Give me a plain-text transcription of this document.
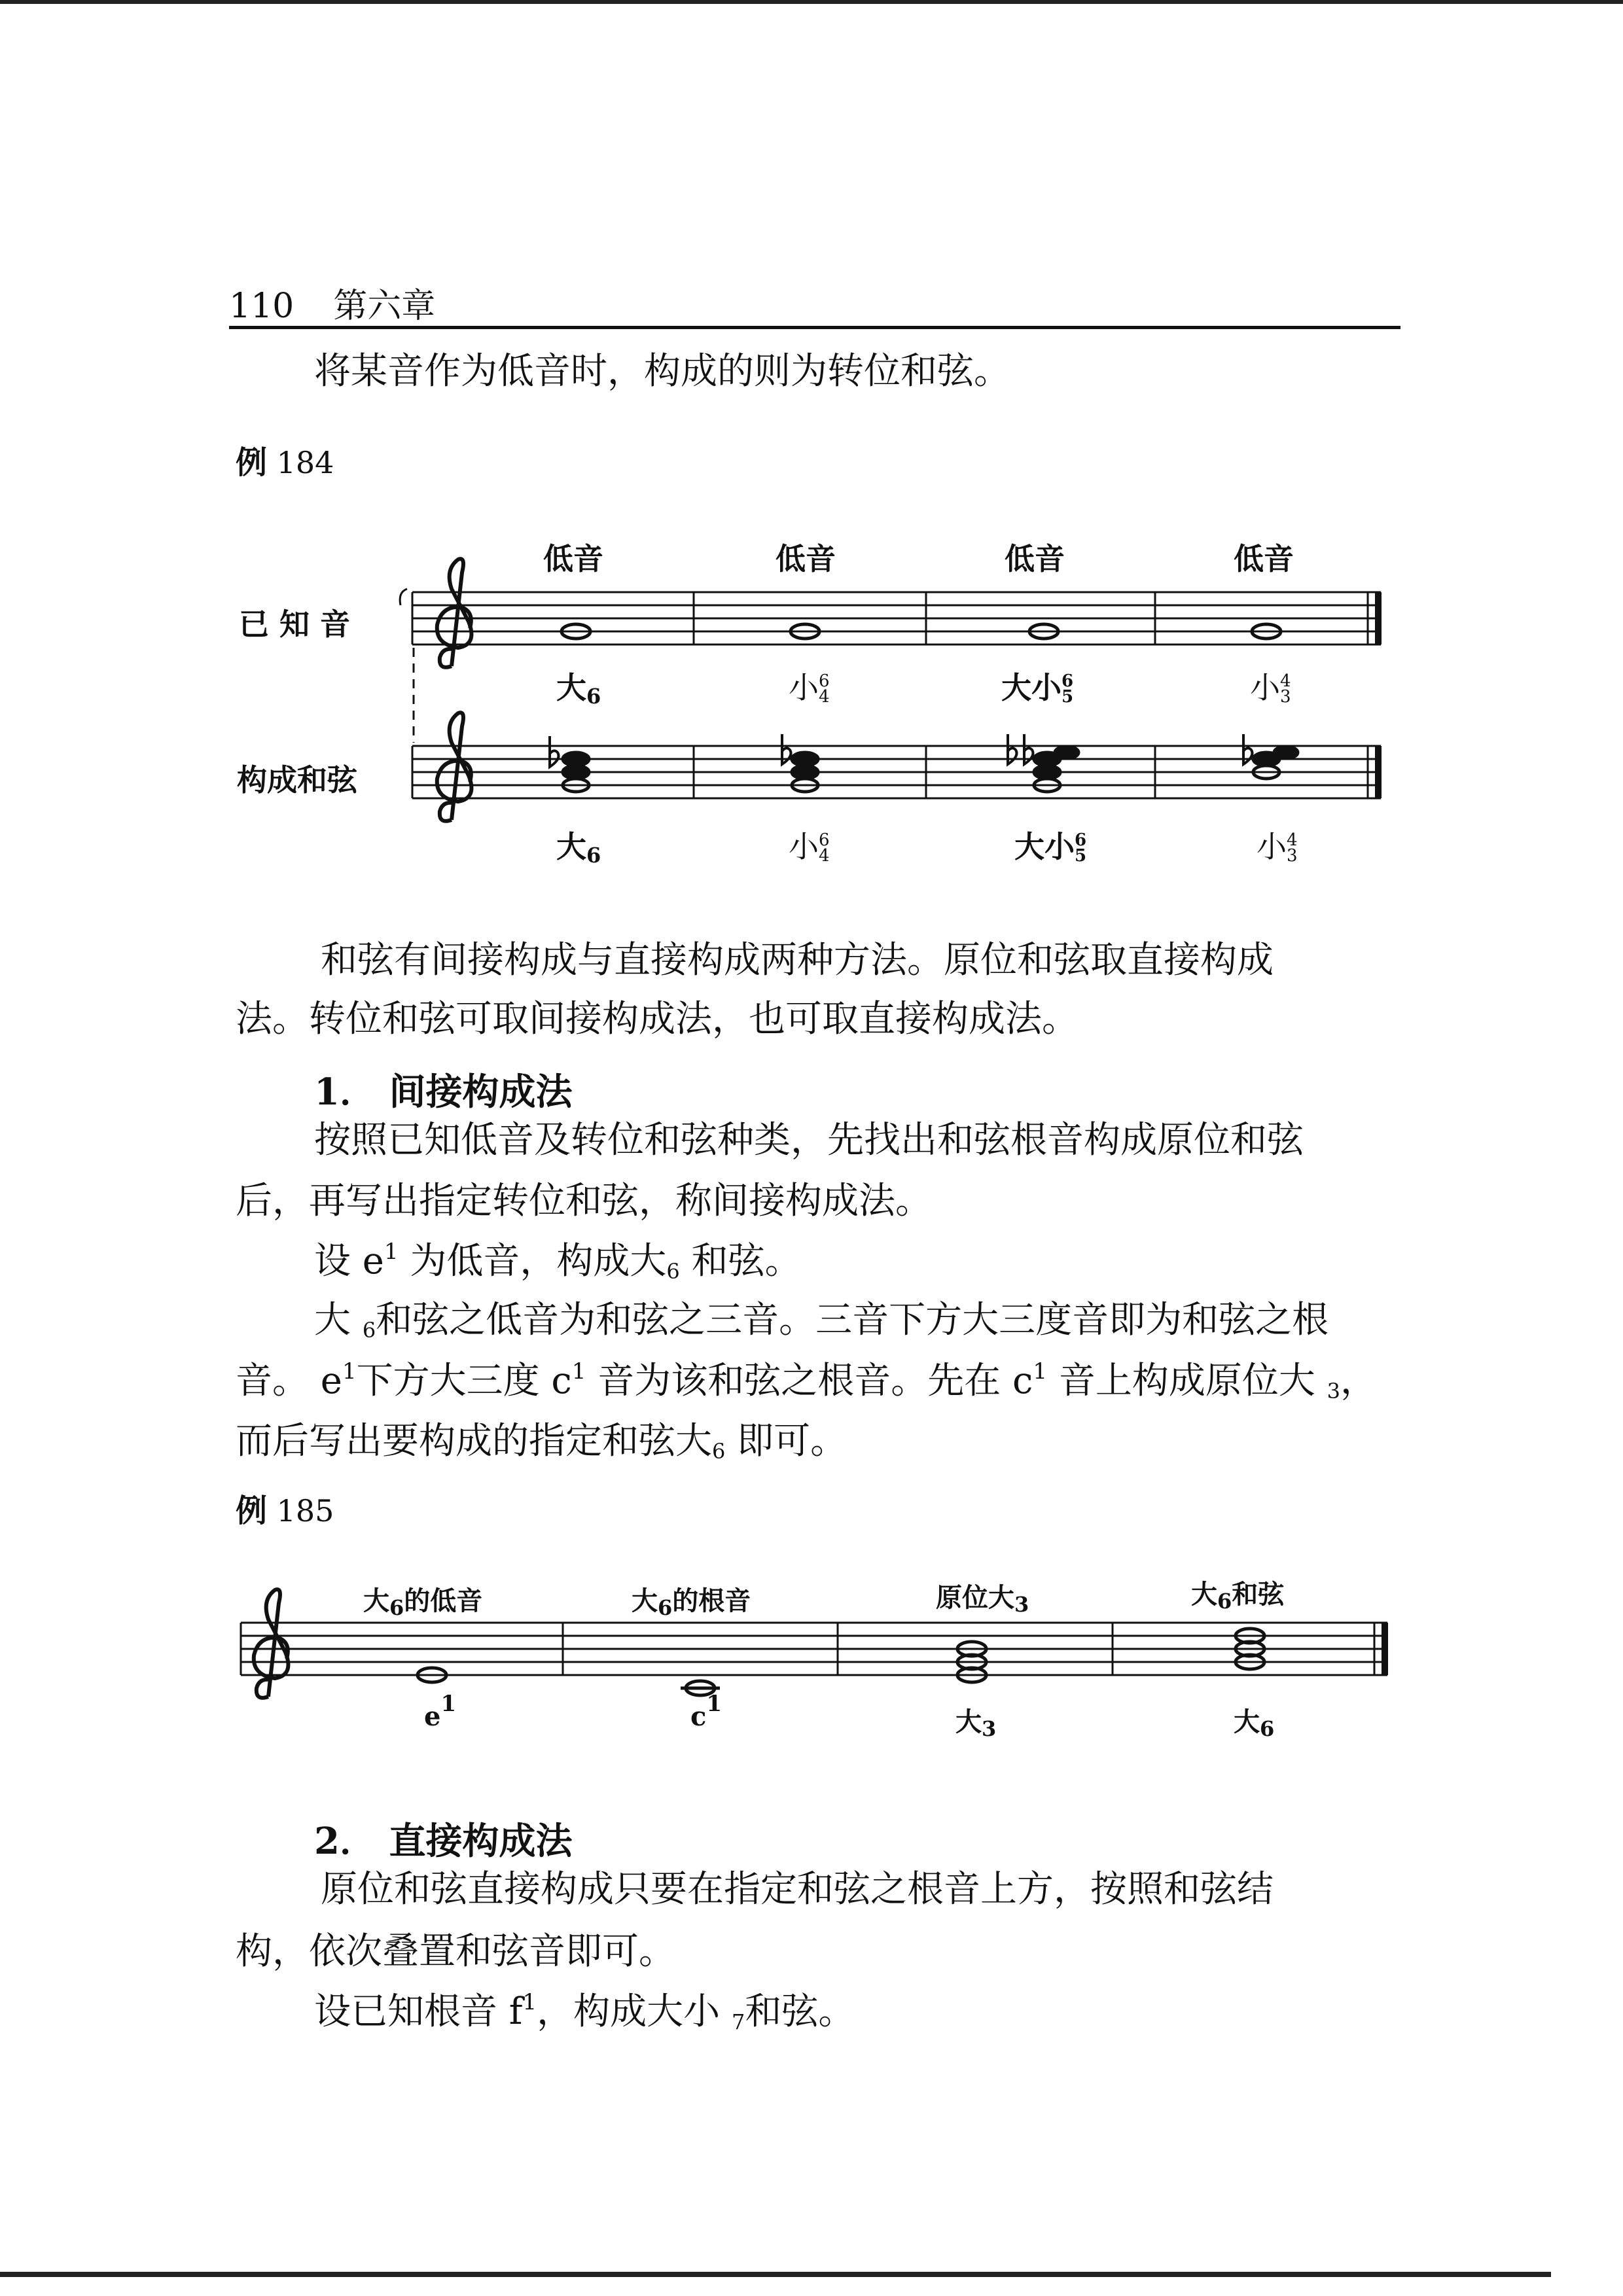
110 第六章
将某音作为低音时，构成的则为转位和弦。
例 184
已 知 音
构成和弦
低音	低音	低音	低音
大$_6$	小6
4	大小6
5	小4
3
大$_6$	小6
4	大小6
5	小4
3
和弦有间接构成与直接构成两种方法。原位和弦取直接构成
法。转位和弦可取间接构成法，也可取直接构成法。
1． 间接构成法
按照已知低音及转位和弦种类，先找出和弦根音构成原位和弦
后，再写出指定转位和弦，称间接构成法。
设 $e^1$ 为低音，构成大$_6$ 和弦。
大 $_6$和弦之低音为和弦之三音。三音下方大三度音即为和弦之根
音。 $e^1$下方大三度 $c^1$ 音为该和弦之根音。先在 $c^1$ 音上构成原位大 $_3$，
而后写出要构成的指定和弦大$_6$ 即可。
例 185
大$_6$的低音	大$_6$的根音	原位大$_3$	大$_6$和弦
$e^1$	$c^1$
大$_3$	大$_6$
2． 直接构成法
原位和弦直接构成只要在指定和弦之根音上方，按照和弦结
构，依次叠置和弦音即可。
设已知根音 $f^1$，构成大小 $_7$和弦。
